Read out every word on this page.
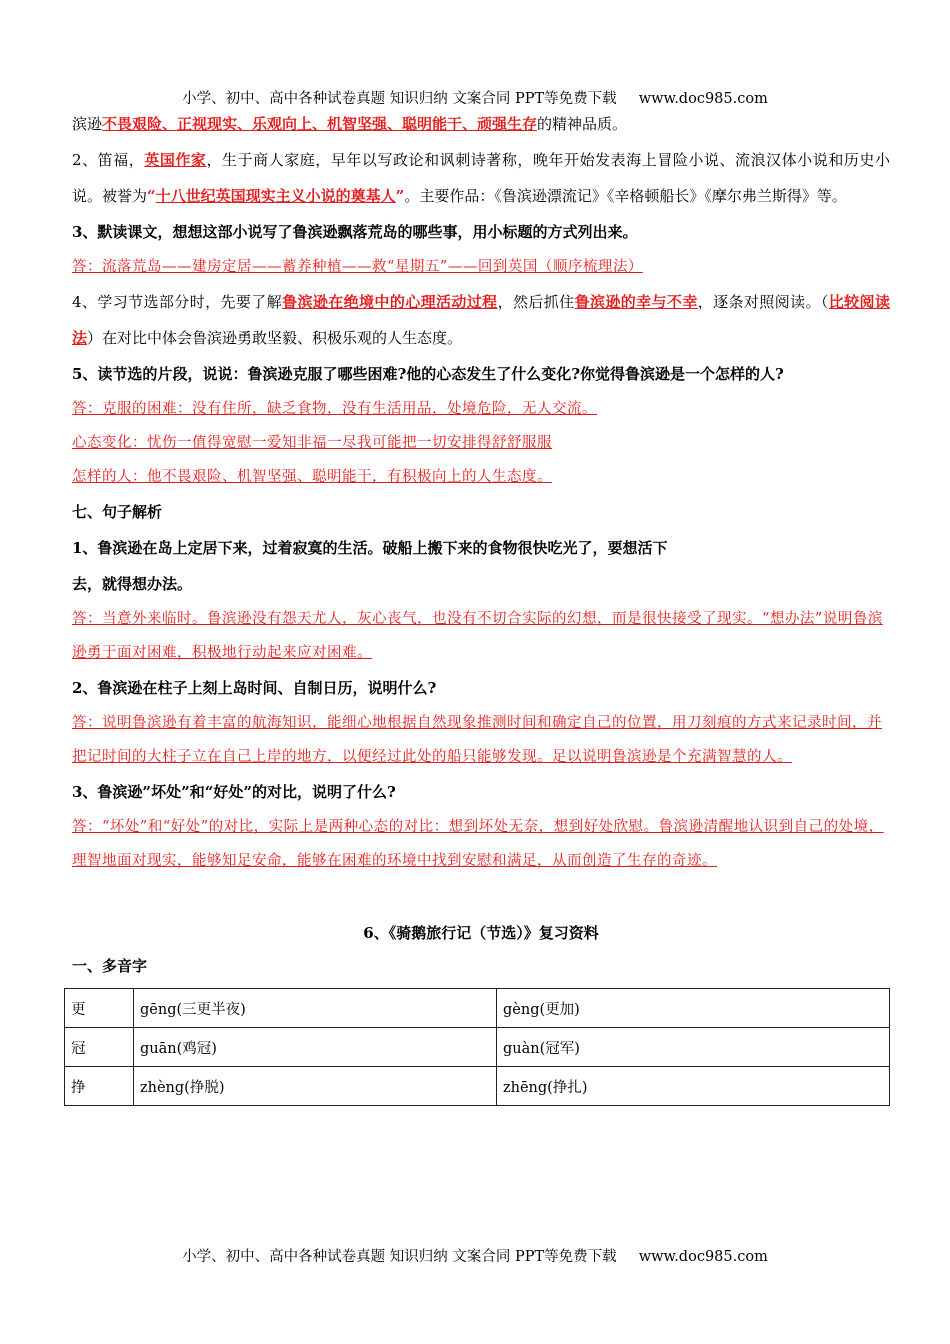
小学、初中、高中各种试卷真题 知识归纳 文案合同 PPT等免费下载 www.doc985.com

滨逊不畏艰险、正视现实、乐观向上、机智坚强、聪明能干、顽强生存的精神品质。

2、笛福，英国作家，生于商人家庭，早年以写政论和讽刺诗著称，晚年开始发表海上冒险小说、流浪汉体小说和历史小说。被誉为“十八世纪英国现实主义小说的奠基人”。主要作品：《鲁滨逊漂流记》《辛格顿船长》《摩尔弗兰斯得》等。

3、默读课文，想想这部小说写了鲁滨逊飘落荒岛的哪些事，用小标题的方式列出来。

答：流落荒岛——建房定居——蓄养种植——救“星期五”——回到英国（顺序梳理法）

4、学习节选部分时，先要了解鲁滨逊在绝境中的心理活动过程，然后抓住鲁滨逊的幸与不幸，逐条对照阅读。（比较阅读法）在对比中体会鲁滨逊勇敢坚毅、积极乐观的人生态度。

5、读节选的片段，说说：鲁滨逊克服了哪些困难?他的心态发生了什么变化?你觉得鲁滨逊是一个怎样的人?

答：克服的困难：没有住所，缺乏食物，没有生活用品，处境危险，无人交流。

心态变化：忧伤一值得宽慰一爱知非福一尽我可能把一切安排得舒舒服服

怎样的人：他不畏艰险、机智坚强、聪明能干，有积极向上的人生态度。

七、句子解析

1、鲁滨逊在岛上定居下来，过着寂寞的生活。破船上搬下来的食物很快吃光了，要想活下

去，就得想办法。

答：当意外来临时。鲁滨逊没有怨天尤人，灰心丧气，也没有不切合实际的幻想，而是很快接受了现实。“想办法”说明鲁滨逊勇于面对困难，积极地行动起来应对困难。

2、鲁滨逊在柱子上刻上岛时间、自制日历，说明什么?

答：说明鲁滨逊有着丰富的航海知识，能细心地根据自然现象推测时间和确定自己的位置，用刀刻痕的方式来记录时间，并把记时间的大柱子立在自己上岸的地方，以便经过此处的船只能够发现。足以说明鲁滨逊是个充满智慧的人。

3、鲁滨逊”坏处”和“好处”的对比，说明了什么?

答：“坏处”和“好处”的对比，实际上是两种心态的对比：想到坏处无奈，想到好处欣慰。鲁滨逊清醒地认识到自己的处境，理智地面对现实，能够知足安命，能够在困难的环境中找到安慰和满足，从而创造了生存的奇迹。

6、《骑鹅旅行记（节选）》复习资料

一、多音字

更	gēng(三更半夜)	gèng(更加)
冠	guān(鸡冠)	guàn(冠军)
挣	zhèng(挣脱)	zhēng(挣扎)
小学、初中、高中各种试卷真题 知识归纳 文案合同 PPT等免费下载 www.doc985.com
